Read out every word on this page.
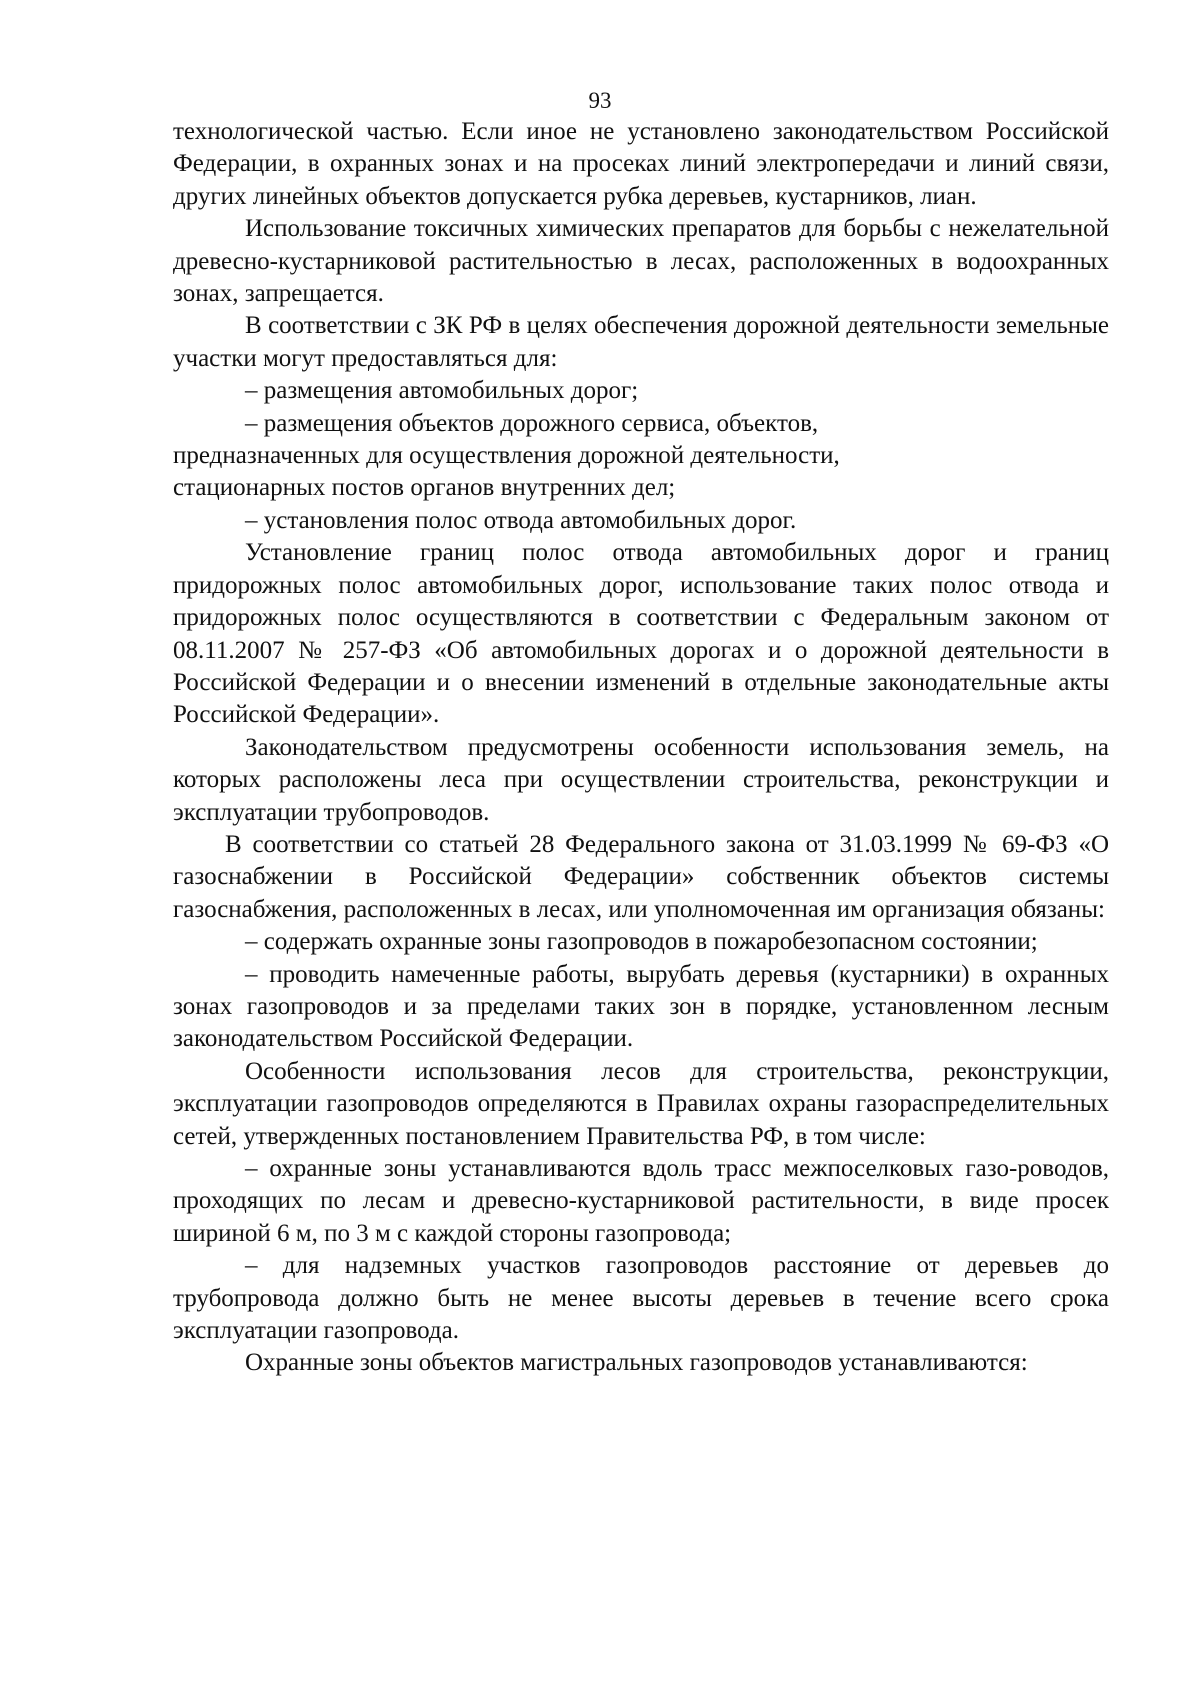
93

технологической частью. Если иное не установлено законодательством Российской Федерации, в охранных зонах и на просеках линий электропередачи и линий связи, других линейных объектов допускается рубка деревьев, кустарников, лиан.

Использование токсичных химических препаратов для борьбы с нежелательной древесно-кустарниковой растительностью в лесах, расположенных в водоохранных зонах, запрещается.

В соответствии с ЗК РФ в целях обеспечения дорожной деятельности земельные участки могут предоставляться для:

– размещения автомобильных дорог;

– размещения объектов дорожного сервиса, объектов,

предназначенных для осуществления дорожной деятельности,

стационарных постов органов внутренних дел;

– установления полос отвода автомобильных дорог.

Установление границ полос отвода автомобильных дорог и границ придорожных полос автомобильных дорог, использование таких полос отвода и придорожных полос осуществляются в соответствии с Федеральным законом от 08.11.2007 № 257-ФЗ «Об автомобильных дорогах и о дорожной деятельности в Российской Федерации и о внесении изменений в отдельные законодательные акты Российской Федерации».

Законодательством предусмотрены особенности использования земель, на которых расположены леса при осуществлении строительства, реконструкции и эксплуатации трубопроводов.

В соответствии со статьей 28 Федерального закона от 31.03.1999 № 69-ФЗ «О газоснабжении в Российской Федерации» собственник объектов системы газоснабжения, расположенных в лесах, или уполномоченная им организация обязаны:

– содержать охранные зоны газопроводов в пожаробезопасном состоянии;

– проводить намеченные работы, вырубать деревья (кустарники) в охранных зонах газопроводов и за пределами таких зон в порядке, установленном лесным законодательством Российской Федерации.

Особенности использования лесов для строительства, реконструкции, эксплуатации газопроводов определяются в Правилах охраны газораспределительных сетей, утвержденных постановлением Правительства РФ, в том числе:

– охранные зоны устанавливаются вдоль трасс межпоселковых газо-роводов, проходящих по лесам и древесно-кустарниковой растительности, в виде просек шириной 6 м, по 3 м с каждой стороны газопровода;

– для надземных участков газопроводов расстояние от деревьев до трубопровода должно быть не менее высоты деревьев в течение всего срока эксплуатации газопровода.

Охранные зоны объектов магистральных газопроводов устанавливаются:
